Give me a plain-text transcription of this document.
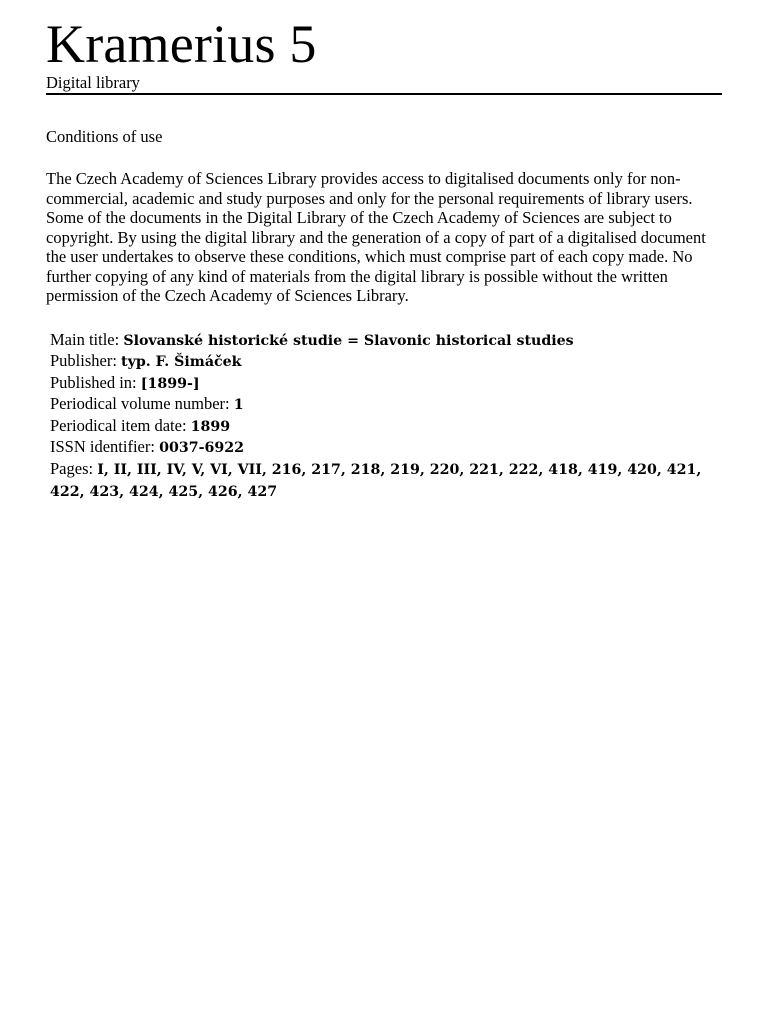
Kramerius 5
Digital library
Conditions of use
The Czech Academy of Sciences Library provides access to digitalised documents only for non-commercial, academic and study purposes and only for the personal requirements of library users. Some of the documents in the Digital Library of the Czech Academy of Sciences are subject to copyright. By using the digital library and the generation of a copy of part of a digitalised document the user undertakes to observe these conditions, which must comprise part of each copy made. No further copying of any kind of materials from the digital library is possible without the written permission of the Czech Academy of Sciences Library.
Main title: Slovanské historické studie = Slavonic historical studies
Publisher: typ. F. Šimáček
Published in: [1899-]
Periodical volume number: 1
Periodical item date: 1899
ISSN identifier: 0037-6922
Pages: I, II, III, IV, V, VI, VII, 216, 217, 218, 219, 220, 221, 222, 418, 419, 420, 421, 422, 423, 424, 425, 426, 427
